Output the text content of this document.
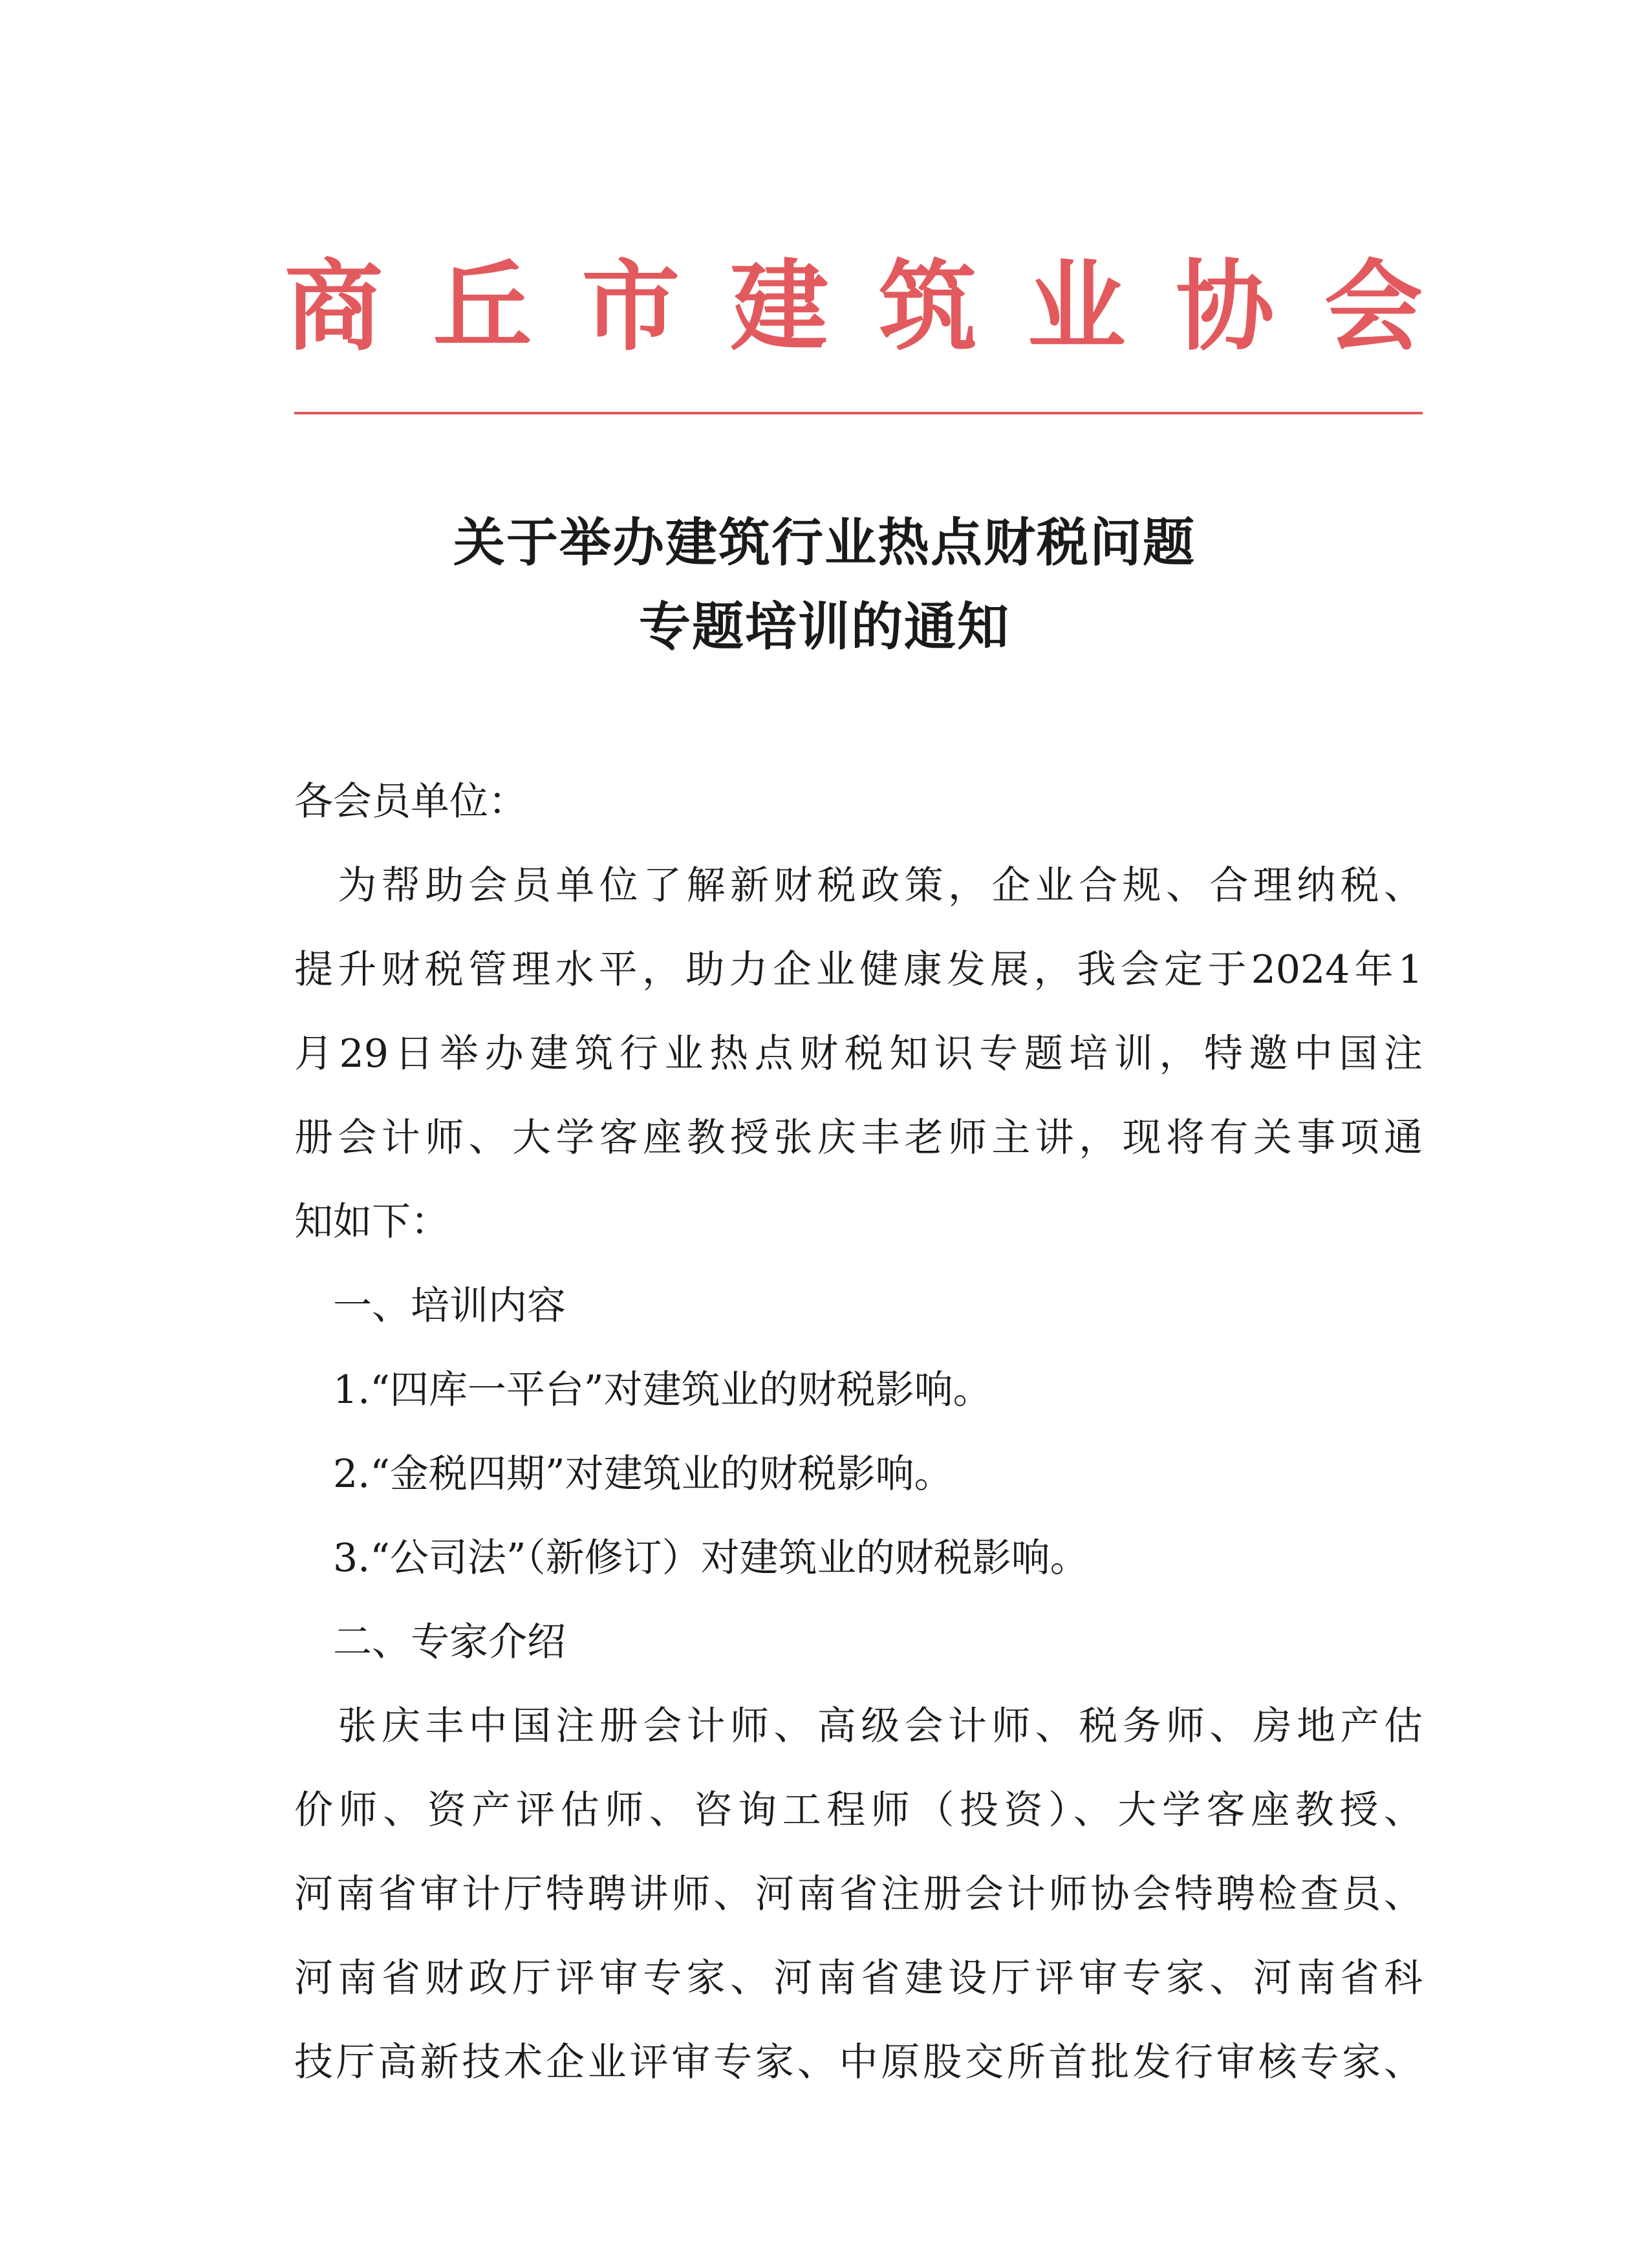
商 丘 市 建 筑 业 协 会
关于举办建筑行业热点财税问题
专题培训的通知
各会员单位：
　为帮助会员单位了解新财税政策，企业合规、合理纳税、
提升财税管理水平，助力企业健康发展，我会定于2024年1
月29日举办建筑行业热点财税知识专题培训，特邀中国注
册会计师、大学客座教授张庆丰老师主讲，现将有关事项通
知如下：
　一、培训内容
　1.“四库一平台”对建筑业的财税影响。
　2.“金税四期”对建筑业的财税影响。
　3.“公司法”（新修订）对建筑业的财税影响。
　二、专家介绍
　张庆丰中国注册会计师、高级会计师、税务师、房地产估
价师、资产评估师、咨询工程师（投资）、大学客座教授、
河南省审计厅特聘讲师、河南省注册会计师协会特聘检查员、
河南省财政厅评审专家、河南省建设厅评审专家、河南省科
技厅高新技术企业评审专家、中原股交所首批发行审核专家、
